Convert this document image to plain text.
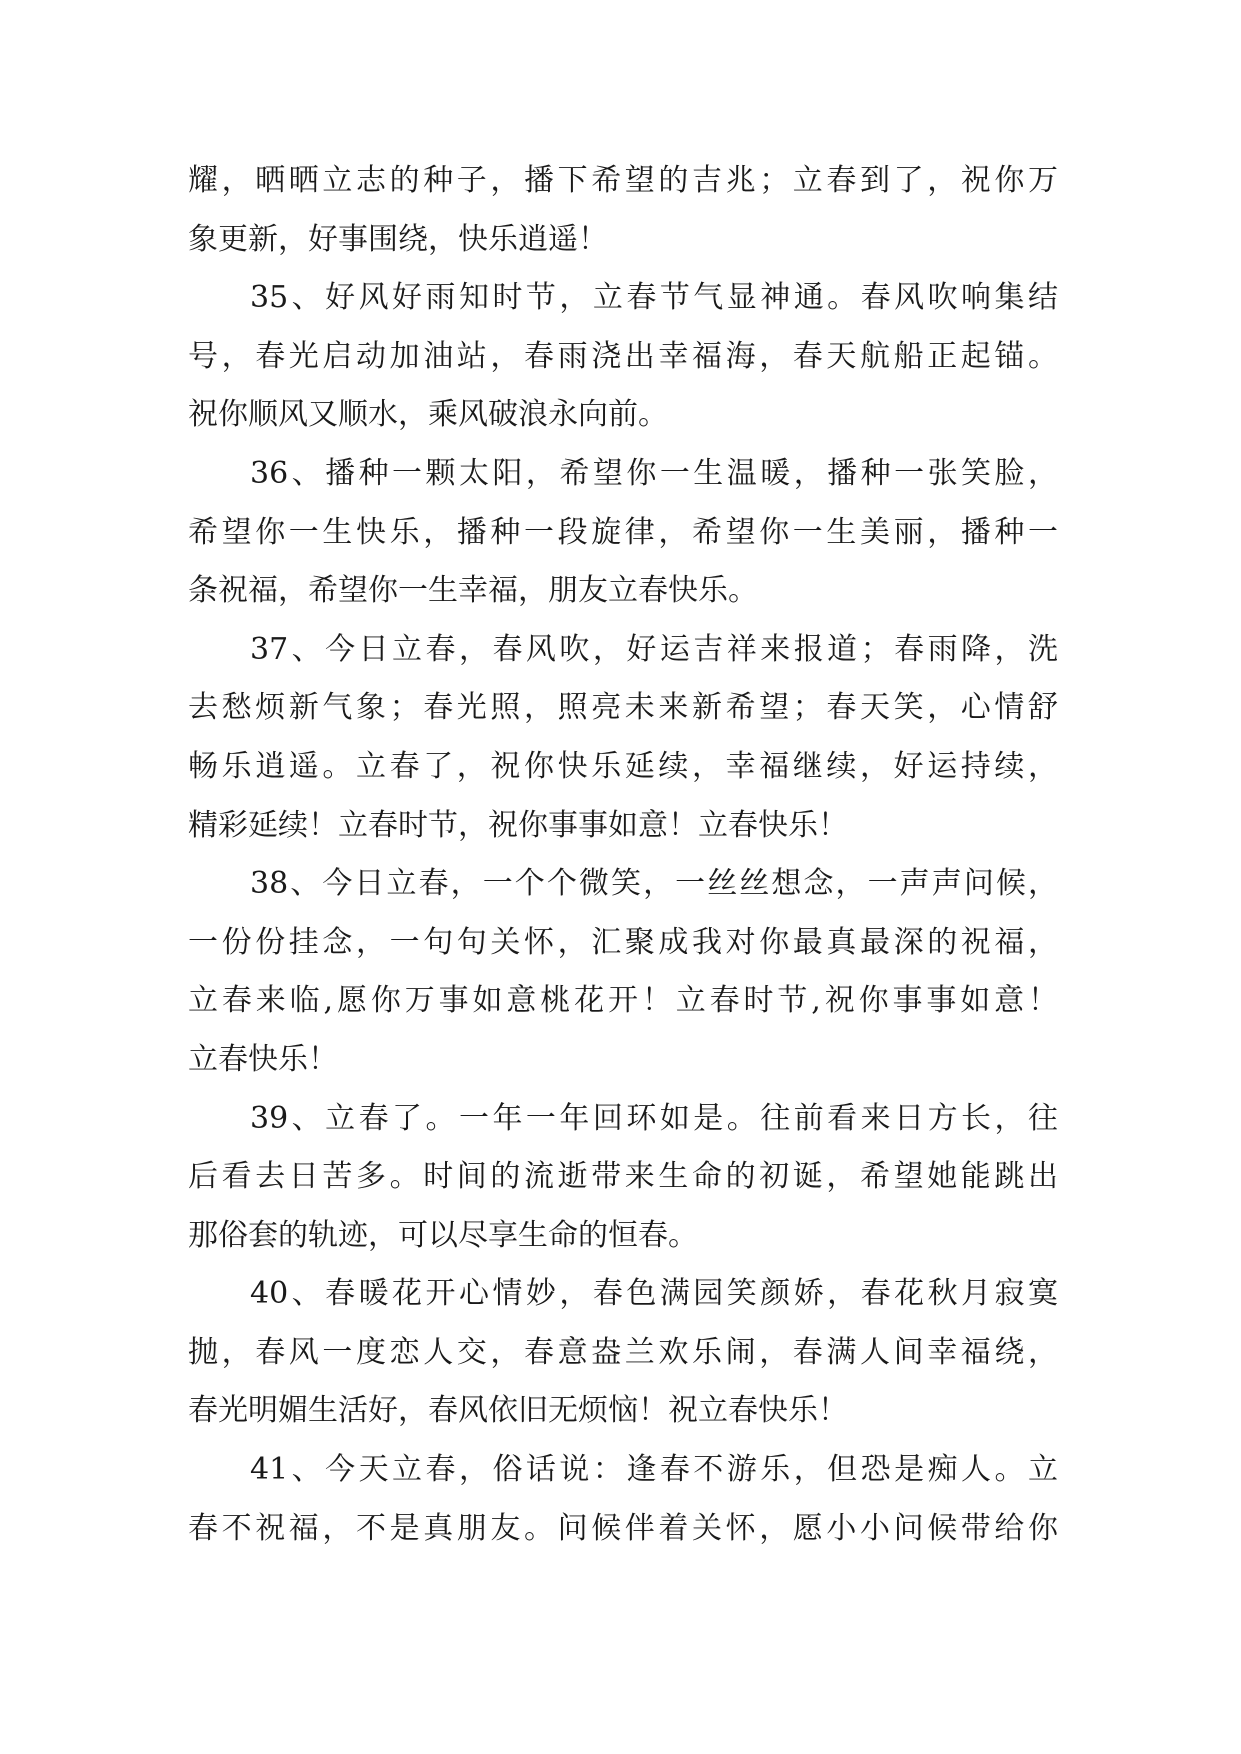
耀，晒晒立志的种子，播下希望的吉兆；立春到了，祝你万
象更新，好事围绕，快乐逍遥！
35、好风好雨知时节，立春节气显神通。春风吹响集结
号，春光启动加油站，春雨浇出幸福海，春天航船正起锚。
祝你顺风又顺水，乘风破浪永向前。
36、播种一颗太阳，希望你一生温暖，播种一张笑脸，
希望你一生快乐，播种一段旋律，希望你一生美丽，播种一
条祝福，希望你一生幸福，朋友立春快乐。
37、今日立春，春风吹，好运吉祥来报道；春雨降，洗
去愁烦新气象；春光照，照亮未来新希望；春天笑，心情舒
畅乐逍遥。立春了，祝你快乐延续，幸福继续，好运持续，
精彩延续！立春时节，祝你事事如意！立春快乐！
38、今日立春，一个个微笑，一丝丝想念，一声声问候，
一份份挂念，一句句关怀，汇聚成我对你最真最深的祝福，
立春来临,愿你万事如意桃花开！立春时节,祝你事事如意！
立春快乐！
39、立春了。一年一年回环如是。往前看来日方长，往
后看去日苦多。时间的流逝带来生命的初诞，希望她能跳出
那俗套的轨迹，可以尽享生命的恒春。
40、春暖花开心情妙，春色满园笑颜娇，春花秋月寂寞
抛，春风一度恋人交，春意盎兰欢乐闹，春满人间幸福绕，
春光明媚生活好，春风依旧无烦恼！祝立春快乐！
41、今天立春，俗话说：逢春不游乐，但恐是痴人。立
春不祝福，不是真朋友。问候伴着关怀，愿小小问候带给你
